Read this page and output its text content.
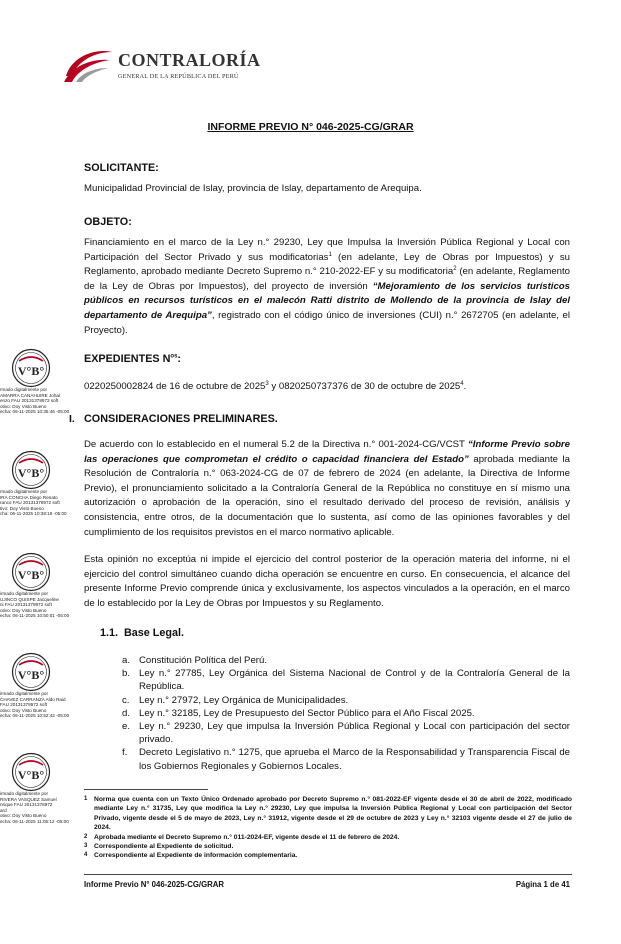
CONTRALORÍA
GENERAL DE LA REPÚBLICA DEL PERÚ
INFORME PREVIO N° 046-2025-CG/GRAR
SOLICITANTE:
Municipalidad Provincial de Islay, provincia de Islay, departamento de Arequipa.
OBJETO:
Financiamiento en el marco de la Ley n.° 29230, Ley que Impulsa la Inversión Pública Regional y Local con Participación del Sector Privado y sus modificatorias$^1$ (en adelante, Ley de Obras por Impuestos) y su Reglamento, aprobado mediante Decreto Supremo n.° 210-2022-EF y su modificatoria$^2$ (en adelante, Reglamento de la Ley de Obras por Impuestos), del proyecto de inversión “Mejoramiento de los servicios turísticos públicos en recursos turísticos en el malecón Ratti distrito de Mollendo de la provincia de Islay del departamento de Arequipa”, registrado con el código único de inversiones (CUI) n.° 2672705 (en adelante, el Proyecto).
EXPEDIENTES $N^{os}$:
0220250002824 de 16 de octubre de 2025$^3$ y 0820250737376 de 30 de octubre de 2025$^4$.
I. CONSIDERACIONES PRELIMINARES.
De acuerdo con lo establecido en el numeral 5.2 de la Directiva n.° 001-2024-CG/VCST “Informe Previo sobre las operaciones que comprometan el crédito o capacidad financiera del Estado” aprobada mediante la Resolución de Contraloría n.° 063-2024-CG de 07 de febrero de 2024 (en adelante, la Directiva de Informe Previo), el pronunciamiento solicitado a la Contraloría General de la República no constituye en sí mismo una autorización o aprobación de la operación, sino el resultado derivado del proceso de revisión, análisis y consistencia, entre otros, de la documentación que lo sustenta, así como de las opiniones favorables y del cumplimiento de los requisitos previstos en el marco normativo aplicable.
Esta opinión no exceptúa ni impide el ejercicio del control posterior de la operación materia del informe, ni el ejercicio del control simultáneo cuando dicha operación se encuentre en curso. En consecuencia, el alcance del presente Informe Previo comprende única y exclusivamente, los aspectos vinculados a la operación, en el marco de lo establecido por la Ley de Obras por Impuestos y su Reglamento.
1.1. Base Legal.
a. Constitución Política del Perú.
b. Ley n.° 27785, Ley Orgánica del Sistema Nacional de Control y de la Contraloría General de la República.
c. Ley n.° 27972, Ley Orgánica de Municipalidades.
d. Ley n.° 32185, Ley de Presupuesto del Sector Público para el Año Fiscal 2025.
e. Ley n.° 29230, Ley que impulsa la Inversión Pública Regional y Local con participación del sector privado.
f. Decreto Legislativo n.° 1275, que aprueba el Marco de la Responsabilidad y Transparencia Fiscal de los Gobiernos Regionales y Gobiernos Locales.
1 Norma que cuenta con un Texto Único Ordenado aprobado por Decreto Supremo n.° 081-2022-EF vigente desde el 30 de abril de 2022, modificado mediante Ley n.° 31735, Ley que modifica la Ley n.° 29230, Ley que impulsa la Inversión Pública Regional y Local con participación del Sector Privado, vigente desde el 5 de mayo de 2023, Ley n.° 31912, vigente desde el 29 de octubre de 2023 y Ley n.° 32103 vigente desde el 27 de julio de 2024.
2 Aprobada mediante el Decreto Supremo n.° 011-2024-EF, vigente desde el 11 de febrero de 2024.
3 Correspondiente al Expediente de solicitud.
4 Correspondiente al Expediente de información complementaria.
Informe Previo N° 046-2025-CG/GRAR	Página 1 de 41
V°B°
rmado digitalmente por
AMARRA CANAHUIRE Johal
enzo FAU 20131378972 soft
otivo: Doy Visto Bueno
echa: 06-11-2025 10:35:46 -05:00
V°B°
rmado digitalmente por
IRA CONCHA Diego Renato
ranco FAU 20131378972 soft
tivo: Doy Visto Bueno
cha: 06-11-2025 10:38:19 -05:00
V°B°
irmado digitalmente por
UJINCO QUISPE Jacqueline
ni FAU 20131378972 soft
otivo: Doy Visto Bueno
echa: 06-11-2025 10:50:01 -05:00
V°B°
irmado digitalmente por
CHAVEZ CARRANZA Aldo Raid
FAU 20131378972 soft
otivo: Doy Visto Bueno
echa: 06-11-2025 10:52:42 -05:00
V°B°
irmado digitalmente por
RIVERA VASQUEZ Samuel
nrique FAU 20131378972
ard
otivo: Doy Visto Bueno
echa: 06-11-2025 11:05:12 -05:00
